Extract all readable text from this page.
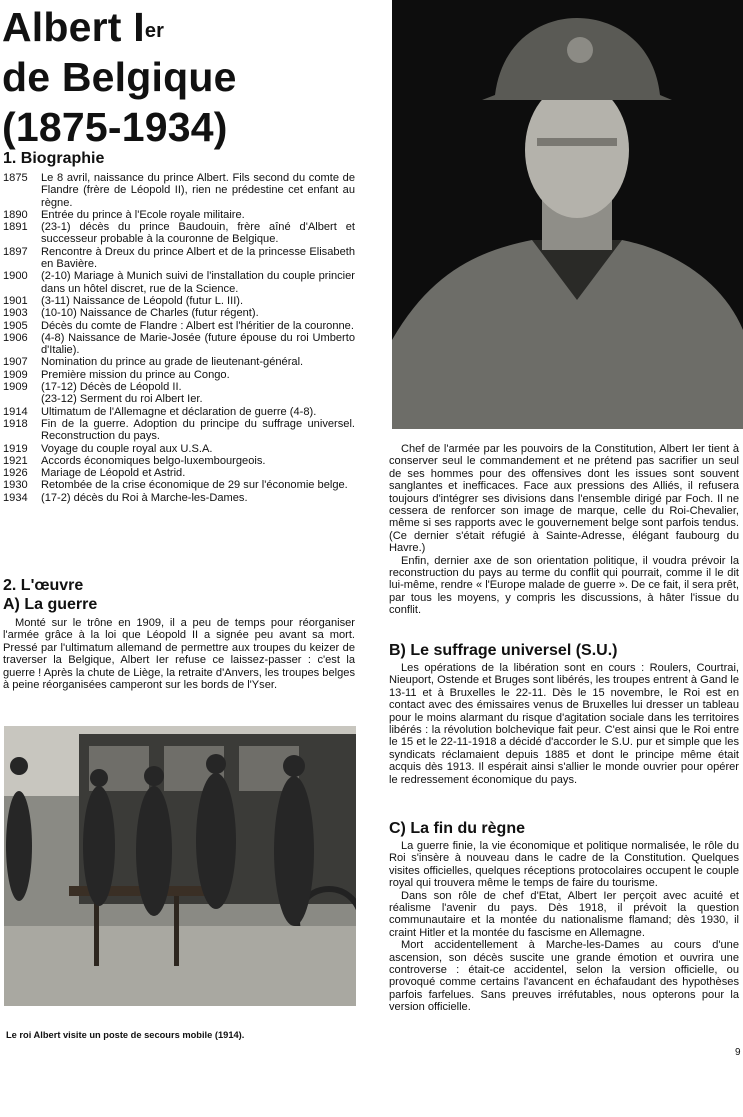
Albert Ier
de Belgique
(1875-1934)
1. Biographie
1875	Le 8 avril, naissance du prince Albert. Fils second du comte de Flandre (frère de Léopold II), rien ne prédestine cet enfant au règne.
1890	Entrée du prince à l'Ecole royale militaire.
1891	(23-1) décès du prince Baudouin, frère aîné d'Albert et successeur probable à la couronne de Belgique.
1897	Rencontre à Dreux du prince Albert et de la princesse Elisabeth en Bavière.
1900	(2-10) Mariage à Munich suivi de l'installation du couple princier dans un hôtel discret, rue de la Science.
1901	(3-11) Naissance de Léopold (futur L. III).
1903	(10-10) Naissance de Charles (futur régent).
1905	Décès du comte de Flandre : Albert est l'héritier de la couronne.
1906	(4-8) Naissance de Marie-Josée (future épouse du roi Umberto d'Italie).
1907	Nomination du prince au grade de lieutenant-général.
1909	Première mission du prince au Congo.
1909	(17-12) Décès de Léopold II.
(23-12) Serment du roi Albert Ier.
1914	Ultimatum de l'Allemagne et déclaration de guerre (4-8).
1918	Fin de la guerre. Adoption du principe du suffrage universel. Reconstruction du pays.
1919	Voyage du couple royal aux U.S.A.
1921	Accords économiques belgo-luxembourgeois.
1926	Mariage de Léopold et Astrid.
1930	Retombée de la crise économique de 29 sur l'économie belge.
1934	(17-2) décès du Roi à Marche-les-Dames.
2. L'œuvre
A) La guerre

Monté sur le trône en 1909, il a peu de temps pour réorganiser l'armée grâce à la loi que Léopold II a signée peu avant sa mort. Pressé par l'ultimatum allemand de permettre aux troupes du keizer de traverser la Belgique, Albert Ier refuse ce laissez-passer : c'est la guerre ! Après la chute de Liège, la retraite d'Anvers, les troupes belges à peine réorganisées camperont sur les bords de l'Yser.

Le roi Albert visite un poste de secours mobile (1914).

Chef de l'armée par les pouvoirs de la Constitution, Albert Ier tient à conserver seul le commandement et ne prétend pas sacrifier un seul de ses hommes pour des offensives dont les issues sont souvent sanglantes et inefficaces. Face aux pressions des Alliés, il refusera toujours d'intégrer ses divisions dans l'ensemble dirigé par Foch. Il ne cessera de renforcer son image de marque, celle du Roi-Chevalier, même si ses rapports avec le gouvernement belge sont parfois tendus. (Ce dernier s'était réfugié à Sainte-Adresse, élégant faubourg du Havre.)

Enfin, dernier axe de son orientation politique, il voudra prévoir la reconstruction du pays au terme du conflit qui pourrait, comme il le dit lui-même, rendre « l'Europe malade de guerre ». De ce fait, il sera prêt, par tous les moyens, y compris les discussions, à hâter l'issue du conflit.

B) Le suffrage universel (S.U.)

Les opérations de la libération sont en cours : Roulers, Courtrai, Nieuport, Ostende et Bruges sont libérés, les troupes entrent à Gand le 13-11 et à Bruxelles le 22-11. Dès le 15 novembre, le Roi est en contact avec des émissaires venus de Bruxelles lui dresser un tableau pour le moins alarmant du risque d'agitation sociale dans les territoires libérés : la révolution bolchevique fait peur. C'est ainsi que le Roi entre le 15 et le 22-11-1918 a décidé d'accorder le S.U. pur et simple que les syndicats réclamaient depuis 1885 et dont le principe même était acquis dès 1913. Il espérait ainsi s'allier le monde ouvrier pour opérer le redressement économique du pays.

C) La fin du règne

La guerre finie, la vie économique et politique normalisée, le rôle du Roi s'insère à nouveau dans le cadre de la Constitution. Quelques visites officielles, quelques réceptions protocolaires occupent le couple royal qui trouvera même le temps de faire du tourisme.

Dans son rôle de chef d'Etat, Albert Ier perçoit avec acuité et réalisme l'avenir du pays. Dès 1918, il prévoit la question communautaire et la montée du nationalisme flamand; dès 1930, il craint Hitler et la montée du fascisme en Allemagne.

Mort accidentellement à Marche-les-Dames au cours d'une ascension, son décès suscite une grande émotion et ouvrira une controverse : était-ce accidentel, selon la version officielle, ou provoqué comme certains l'avancent en échafaudant des hypothèses parfois farfelues. Sans preuves irréfutables, nous opterons pour la version officielle.

9
